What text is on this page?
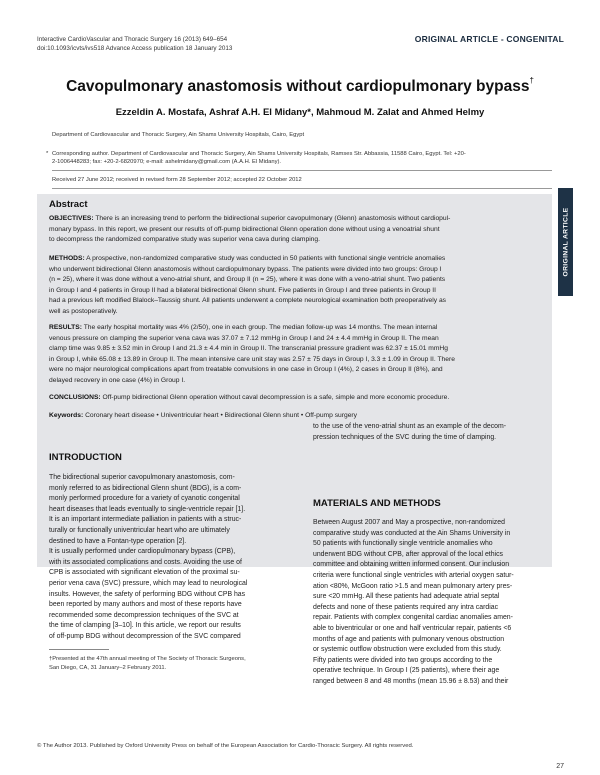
Interactive CardioVascular and Thoracic Surgery 16 (2013) 649–654
doi:10.1093/icvts/ivs518 Advance Access publication 18 January 2013
ORIGINAL ARTICLE - CONGENITAL
Cavopulmonary anastomosis without cardiopulmonary bypass†
Ezzeldin A. Mostafa, Ashraf A.H. El Midany*, Mahmoud M. Zalat and Ahmed Helmy
Department of Cardiovascular and Thoracic Surgery, Ain Shams University Hospitals, Cairo, Egypt
* Corresponding author. Department of Cardiovascular and Thoracic Surgery, Ain Shams University Hospitals, Ramses Str. Abbassia, 11588 Cairo, Egypt. Tel: +20-
2-1006448283; fax: +20-2-6820970; e-mail: ashelmidany@gmail.com (A.A.H. El Midany).
Received 27 June 2012; received in revised form 28 September 2012; accepted 22 October 2012
ORIGINAL ARTICLE
Abstract
OBJECTIVES: There is an increasing trend to perform the bidirectional superior cavopulmonary (Glenn) anastomosis without cardiopul-
monary bypass. In this report, we present our results of off-pump bidirectional Glenn operation done without using a venoatrial shunt
to decompress the randomized comparative study was superior vena cava during clamping.
METHODS: A prospective, non-randomized comparative study was conducted in 50 patients with functional single ventricle anomalies
who underwent bidirectional Glenn anastomosis without cardiopulmonary bypass. The patients were divided into two groups: Group I
(n = 25), where it was done without a veno-atrial shunt, and Group II (n = 25), where it was done with a veno-atrial shunt. Two patients
in Group I and 4 patients in Group II had a bilateral bidirectional Glenn shunt. Five patients in Group I and three patients in Group II
had a previous left modified Blalock–Taussig shunt. All patients underwent a complete neurological examination both preoperatively as
well as postoperatively.
RESULTS: The early hospital mortality was 4% (2/50), one in each group. The median follow-up was 14 months. The mean internal
venous pressure on clamping the superior vena cava was 37.07 ± 7.12 mmHg in Group I and 24 ± 4.4 mmHg in Group II. The mean
clamp time was 9.85 ± 3.52 min in Group I and 21.3 ± 4.4 min in Group II. The transcranial pressure gradient was 62.37 ± 15.01 mmHg
in Group I, while 65.08 ± 13.89 in Group II. The mean intensive care unit stay was 2.57 ± 75 days in Group I, 3.3 ± 1.09 in Group II. There
were no major neurological complications apart from treatable convulsions in one case in Group I (4%), 2 cases in Group II (8%), and
delayed recovery in one case (4%) in Group I.
CONCLUSIONS: Off-pump bidirectional Glenn operation without caval decompression is a safe, simple and more economic procedure.
Keywords: Coronary heart disease • Univentricular heart • Bidirectional Glenn shunt • Off-pump surgery
INTRODUCTION
The bidirectional superior cavopulmonary anastomosis, com-
monly referred to as bidirectional Glenn shunt (BDG), is a com-
monly performed procedure for a variety of cyanotic congenital
heart diseases that leads eventually to single-ventricle repair [1].
It is an important intermediate palliation in patients with a struc-
turally or functionally univentricular heart who are ultimately
destined to have a Fontan-type operation [2].
It is usually performed under cardiopulmonary bypass (CPB),
with its associated complications and costs. Avoiding the use of
CPB is associated with significant elevation of the proximal su-
perior vena cava (SVC) pressure, which may lead to neurological
insults. However, the safety of performing BDG without CPB has
been reported by many authors and most of these reports have
recommended some decompression techniques of the SVC at
the time of clamping [3–10]. In this article, we report our results
of off-pump BDG without decompression of the SVC compared
†Presented at the 47th annual meeting of The Society of Thoracic Surgeons,
San Diego, CA, 31 January–2 February 2011.
to the use of the veno-atrial shunt as an example of the decom-
pression techniques of the SVC during the time of clamping.
MATERIALS AND METHODS
Between August 2007 and May a prospective, non-randomized
comparative study was conducted at the Ain Shams University in
50 patients with functionally single ventricle anomalies who
underwent BDG without CPB, after approval of the local ethics
committee and obtaining written informed consent. Our inclusion
criteria were functional single ventricles with arterial oxygen satur-
ation <80%, McGoon ratio >1.5 and mean pulmonary artery pres-
sure <20 mmHg. All these patients had adequate atrial septal
defects and none of these patients required any intra cardiac
repair. Patients with complex congenital cardiac anomalies amen-
able to biventricular or one and half ventricular repair, patients <6
months of age and patients with pulmonary venous obstruction
or systemic outflow obstruction were excluded from this study.
Fifty patients were divided into two groups according to the
operative technique. In Group I (25 patients), where their age
ranged between 8 and 48 months (mean 15.96 ± 8.53) and their
© The Author 2013. Published by Oxford University Press on behalf of the European Association for Cardio-Thoracic Surgery. All rights reserved.
27
